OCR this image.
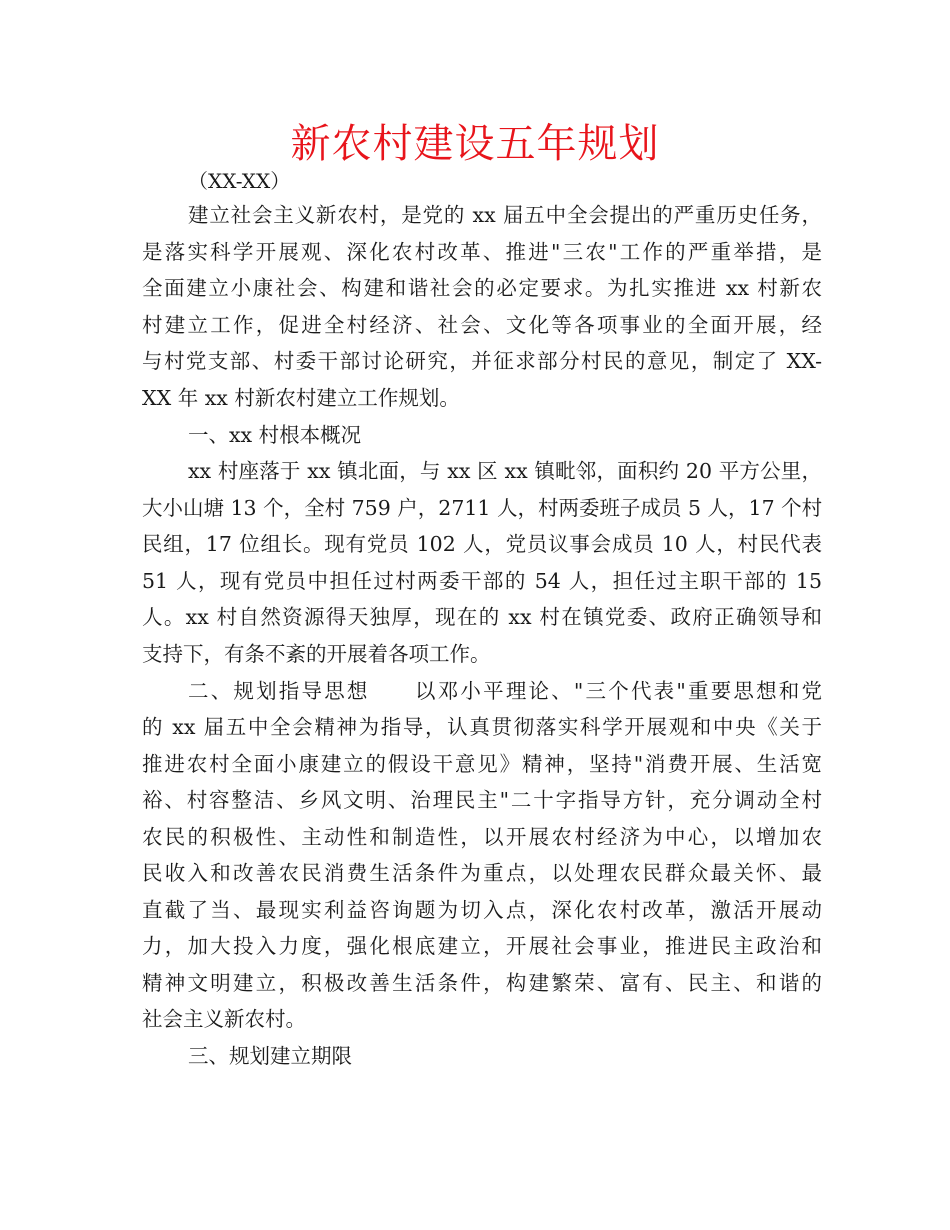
新农村建设五年规划
（XX-XX）
建立社会主义新农村，是党的 xx 届五中全会提出的严重历史任务，
是落实科学开展观、深化农村改革、推进"三农"工作的严重举措，是
全面建立小康社会、构建和谐社会的必定要求。为扎实推进 xx 村新农
村建立工作，促进全村经济、社会、文化等各项事业的全面开展，经
与村党支部、村委干部讨论研究，并征求部分村民的意见，制定了 XX-
XX 年 xx 村新农村建立工作规划。
一、xx 村根本概况
xx 村座落于 xx 镇北面，与 xx 区 xx 镇毗邻，面积约 20 平方公里，
大小山塘 13 个，全村 759 户，2711 人，村两委班子成员 5 人，17 个村
民组，17 位组长。现有党员 102 人，党员议事会成员 10 人，村民代表
51 人，现有党员中担任过村两委干部的 54 人，担任过主职干部的 15
人。xx 村自然资源得天独厚，现在的 xx 村在镇党委、政府正确领导和
支持下，有条不紊的开展着各项工作。
二、规划指导思想　　以邓小平理论、"三个代表"重要思想和党
的 xx 届五中全会精神为指导，认真贯彻落实科学开展观和中央《关于
推进农村全面小康建立的假设干意见》精神，坚持"消费开展、生活宽
裕、村容整洁、乡风文明、治理民主"二十字指导方针，充分调动全村
农民的积极性、主动性和制造性，以开展农村经济为中心，以增加农
民收入和改善农民消费生活条件为重点，以处理农民群众最关怀、最
直截了当、最现实利益咨询题为切入点，深化农村改革，激活开展动
力，加大投入力度，强化根底建立，开展社会事业，推进民主政治和
精神文明建立，积极改善生活条件，构建繁荣、富有、民主、和谐的
社会主义新农村。
三、规划建立期限
